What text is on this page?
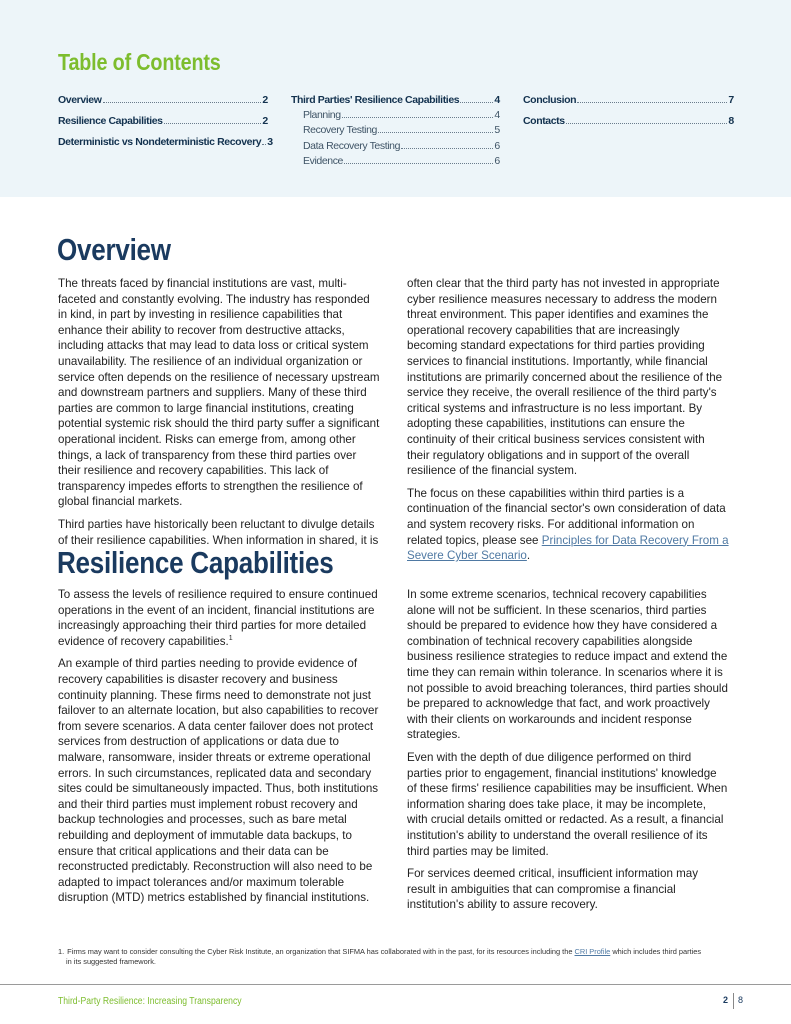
Table of Contents
Overview	2
Resilience Capabilities	2
Deterministic vs Nondeterministic Recovery 3
Third Parties' Resilience Capabilities	4
Planning	4
Recovery Testing	5
Data Recovery Testing	6
Evidence	6
Conclusion	7
Contacts	8
Overview

The threats faced by financial institutions are vast, multi-faceted and constantly evolving. The industry has responded in kind, in part by investing in resilience capabilities that enhance their ability to recover from destructive attacks, including attacks that may lead to data loss or critical system unavailability. The resilience of an individual organization or service often depends on the resilience of necessary upstream and downstream partners and suppliers. Many of these third parties are common to large financial institutions, creating potential systemic risk should the third party suffer a significant operational incident. Risks can emerge from, among other things, a lack of transparency from these third parties over their resilience and recovery capabilities. This lack of transparency impedes efforts to strengthen the resilience of global financial markets.

Third parties have historically been reluctant to divulge details of their resilience capabilities. When information in shared, it is

often clear that the third party has not invested in appropriate cyber resilience measures necessary to address the modern threat environment. This paper identifies and examines the operational recovery capabilities that are increasingly becoming standard expectations for third parties providing services to financial institutions. Importantly, while financial institutions are primarily concerned about the resilience of the service they receive, the overall resilience of the third party's critical systems and infrastructure is no less important. By adopting these capabilities, institutions can ensure the continuity of their critical business services consistent with their regulatory obligations and in support of the overall resilience of the financial system.

The focus on these capabilities within third parties is a continuation of the financial sector's own consideration of data and system recovery risks. For additional information on related topics, please see Principles for Data Recovery From a Severe Cyber Scenario.

Resilience Capabilities

To assess the levels of resilience required to ensure continued operations in the event of an incident, financial institutions are increasingly approaching their third parties for more detailed evidence of recovery capabilities.$^1$

An example of third parties needing to provide evidence of recovery capabilities is disaster recovery and business continuity planning. These firms need to demonstrate not just failover to an alternate location, but also capabilities to recover from severe scenarios. A data center failover does not protect services from destruction of applications or data due to malware, ransomware, insider threats or extreme operational errors. In such circumstances, replicated data and secondary sites could be simultaneously impacted. Thus, both institutions and their third parties must implement robust recovery and backup technologies and processes, such as bare metal rebuilding and deployment of immutable data backups, to ensure that critical applications and their data can be reconstructed predictably. Reconstruction will also need to be adapted to impact tolerances and/or maximum tolerable disruption (MTD) metrics established by financial institutions.

In some extreme scenarios, technical recovery capabilities alone will not be sufficient. In these scenarios, third parties should be prepared to evidence how they have considered a combination of technical recovery capabilities alongside business resilience strategies to reduce impact and extend the time they can remain within tolerance. In scenarios where it is not possible to avoid breaching tolerances, third parties should be prepared to acknowledge that fact, and work proactively with their clients on workarounds and incident response strategies.

Even with the depth of due diligence performed on third parties prior to engagement, financial institutions' knowledge of these firms' resilience capabilities may be insufficient. When information sharing does take place, it may be incomplete, with crucial details omitted or redacted. As a result, a financial institution's ability to understand the overall resilience of its third parties may be limited.

For services deemed critical, insufficient information may result in ambiguities that can compromise a financial institution's ability to assure recovery.

1. Firms may want to consider consulting the Cyber Risk Institute, an organization that SIFMA has collaborated with in the past, for its resources including the CRI Profile which includes third parties
in its suggested framework.
Third-Party Resilience: Increasing Transparency	2 8
